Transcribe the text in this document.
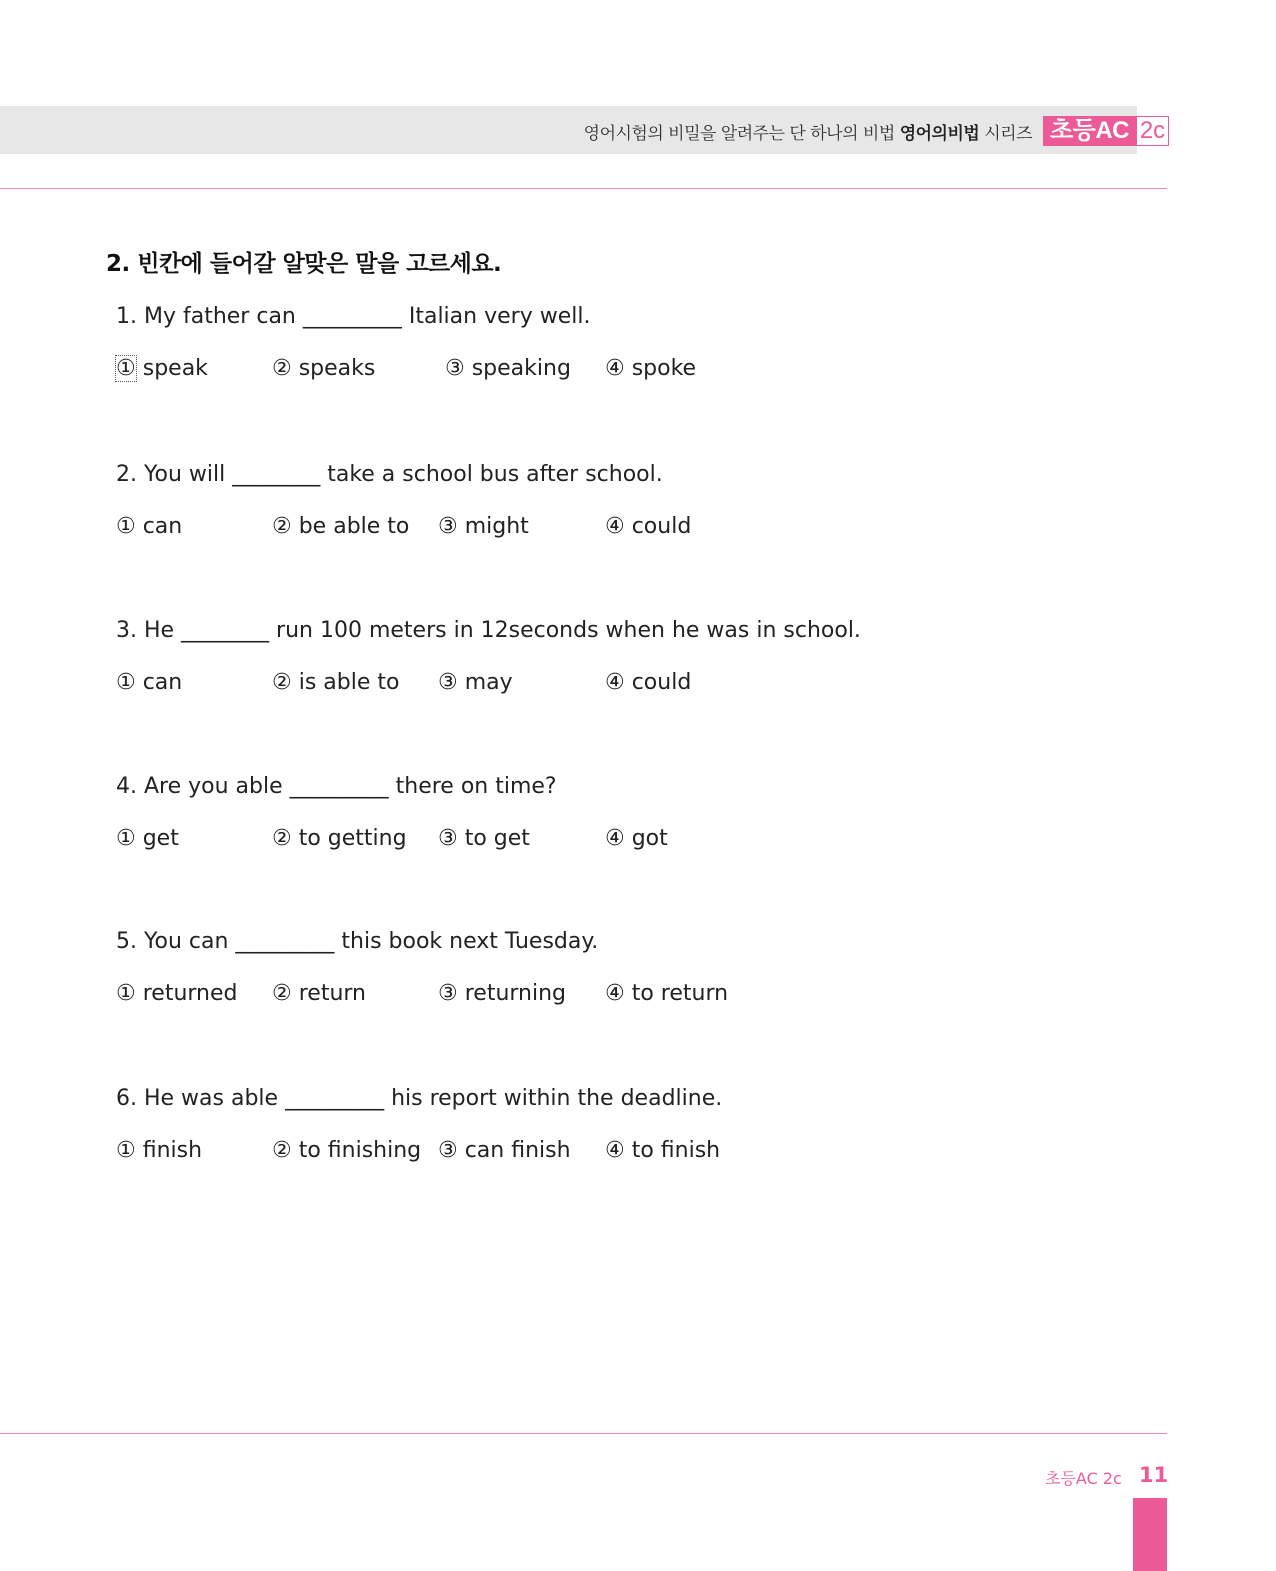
영어시험의 비밀을 알려주는 단 하나의 비법 영어의비법 시리즈 초등AC 2c
2. 빈칸에 들어갈 알맞은 말을 고르세요.
1. My father can _________ Italian very well.
① speak	② speaks	③ speaking ④ spoke
2. You will ________ take a school bus after school.
① can	② be able to ③ might	④ could
3. He ________ run 100 meters in 12seconds when he was in school.
① can	② is able to ③ may	④ could
4. Are you able _________ there on time?
① get	② to getting ③ to get	④ got
5. You can _________ this book next Tuesday.
① returned ② return	③ returning ④ to return
6. He was able _________ his report within the deadline.
① finish	② to finishing ③ can finish ④ to finish
초등AC 2c 11
